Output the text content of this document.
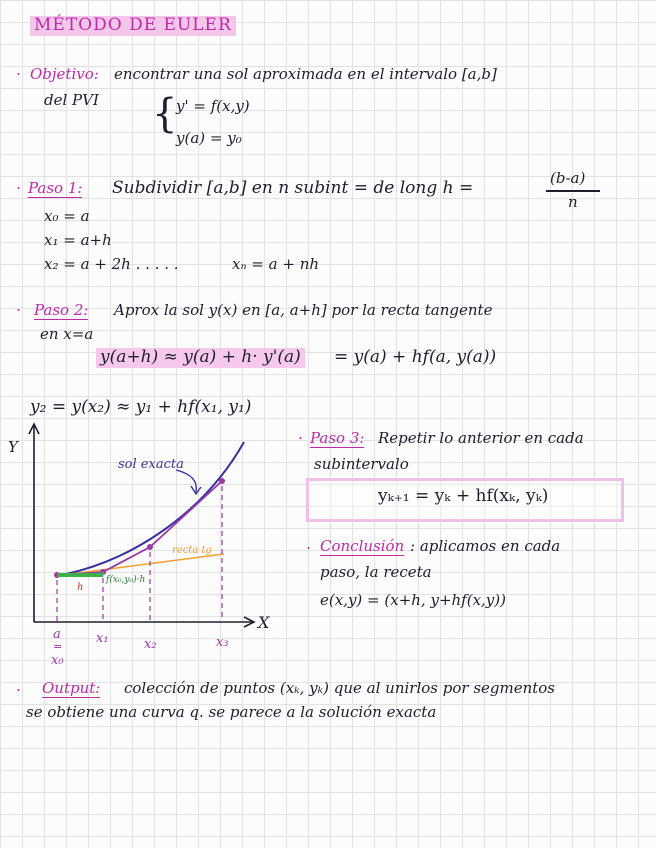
MÉTODO DE EULER
· Objetivo: encontrar una sol aproximada en el intervalo [a,b]
del PVI {
y' = f(x,y)
y(a) = y₀
· Paso 1: Subdividir [a,b] en n subint = de long h =	(b-a)
n
x₀ = a
x₁ = a+h
x₂ = a + 2h . . . . .	xₙ = a + nh
· Paso 2: Aprox la sol y(x) en [a, a+h] por la recta tangente
en x=a
y(a+h) ≈ y(a) + h· y'(a) = y(a) + hf(a, y(a))
y₂ = y(x₂) ≈ y₁ + hf(x₁, y₁)
Y
X
sol exacta
recta tg
h
f(x₀,y₀)·h
a
=
x₀
x₁	x₂	x₃
· Paso 3: Repetir lo anterior en cada
subintervalo
yₖ₊₁ = yₖ + hf(xₖ, yₖ)
· Conclusión : aplicamos en cada
paso, la receta
e(x,y) = (x+h, y+hf(x,y))
· Output: colección de puntos (xₖ, yₖ) que al unirlos por segmentos
se obtiene una curva q. se parece a la solución exacta
